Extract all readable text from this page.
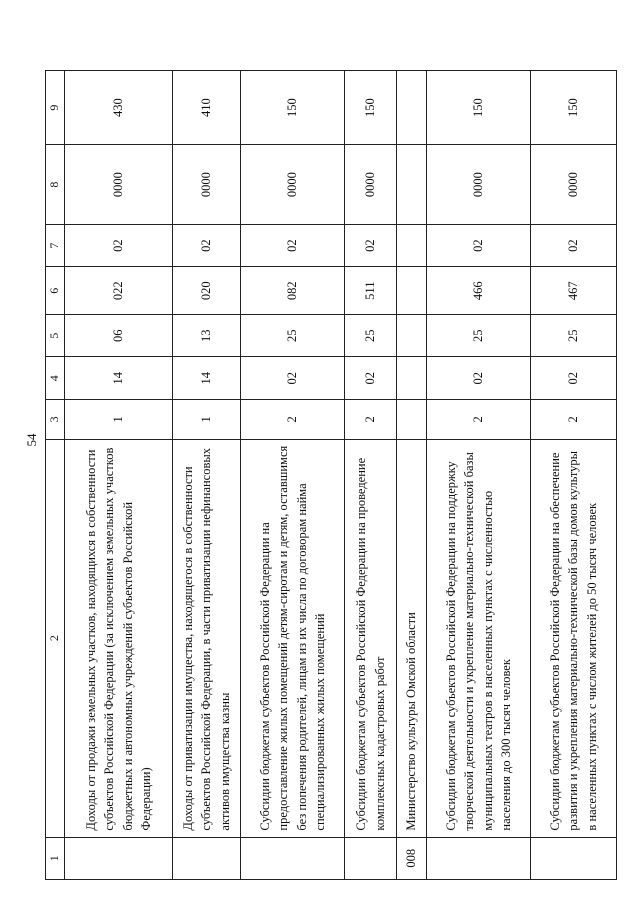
54
1	2	3	4	5	6	7	8	9
	Доходы от продажи земельных участков, находящихся в собственности субъектов Российской Федерации (за исключением земельных участков бюджетных и автономных учреждений субъектов Российской Федерации)	1	14	06	022	02	0000	430
	Доходы от приватизации имущества, находящегося в собственности субъектов Российской Федерации, в части приватизации нефинансовых активов имущества казны	1	14	13	020	02	0000	410
	Субсидии бюджетам субъектов Российской Федерации на предоставление жилых помещений детям-сиротам и детям, оставшимся без попечения родителей, лицам из их числа по договорам найма специализированных жилых помещений	2	02	25	082	02	0000	150
	Субсидии бюджетам субъектов Российской Федерации на проведение комплексных кадастровых работ	2	02	25	511	02	0000	150
008	Министерство культуры Омской области							
	Субсидии бюджетам субъектов Российской Федерации на поддержку творческой деятельности и укрепление материально-технической базы муниципальных театров в населенных пунктах с численностью населения до 300 тысяч человек	2	02	25	466	02	0000	150
	Субсидии бюджетам субъектов Российской Федерации на обеспечение развития и укрепления материально-технической базы домов культуры в населенных пунктах с числом жителей до 50 тысяч человек	2	02	25	467	02	0000	150
